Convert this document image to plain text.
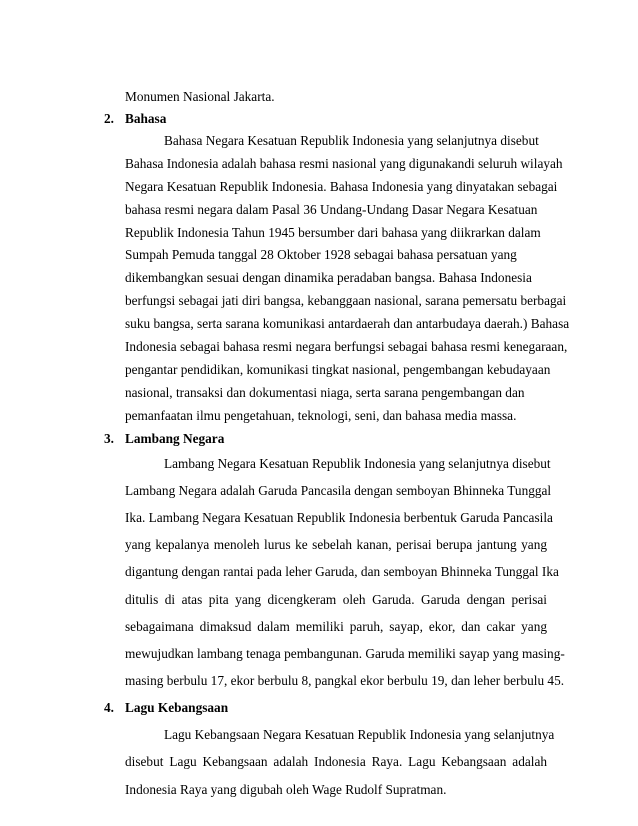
Monumen Nasional Jakarta.
2. Bahasa
Bahasa Negara Kesatuan Republik Indonesia yang selanjutnya disebut
Bahasa Indonesia adalah bahasa resmi nasional yang digunakandi seluruh wilayah
Negara Kesatuan Republik Indonesia. Bahasa Indonesia yang dinyatakan sebagai
bahasa resmi negara dalam Pasal 36 Undang-Undang Dasar Negara Kesatuan
Republik Indonesia Tahun 1945 bersumber dari bahasa yang diikrarkan dalam
Sumpah Pemuda tanggal 28 Oktober 1928 sebagai bahasa persatuan yang
dikembangkan sesuai dengan dinamika peradaban bangsa. Bahasa Indonesia
berfungsi sebagai jati diri bangsa, kebanggaan nasional, sarana pemersatu berbagai
suku bangsa, serta sarana komunikasi antardaerah dan antarbudaya daerah.) Bahasa
Indonesia sebagai bahasa resmi negara berfungsi sebagai bahasa resmi kenegaraan,
pengantar pendidikan, komunikasi tingkat nasional, pengembangan kebudayaan
nasional, transaksi dan dokumentasi niaga, serta sarana pengembangan dan
pemanfaatan ilmu pengetahuan, teknologi, seni, dan bahasa media massa.
3. Lambang Negara
Lambang Negara Kesatuan Republik Indonesia yang selanjutnya disebut
Lambang Negara adalah Garuda Pancasila dengan semboyan Bhinneka Tunggal
Ika. Lambang Negara Kesatuan Republik Indonesia berbentuk Garuda Pancasila
yang kepalanya menoleh lurus ke sebelah kanan, perisai berupa jantung yang
digantung dengan rantai pada leher Garuda, dan semboyan Bhinneka Tunggal Ika
ditulis di atas pita yang dicengkeram oleh Garuda. Garuda dengan perisai
sebagaimana dimaksud dalam memiliki paruh, sayap, ekor, dan cakar yang
mewujudkan lambang tenaga pembangunan. Garuda memiliki sayap yang masing-
masing berbulu 17, ekor berbulu 8, pangkal ekor berbulu 19, dan leher berbulu 45.
4. Lagu Kebangsaan
Lagu Kebangsaan Negara Kesatuan Republik Indonesia yang selanjutnya
disebut Lagu Kebangsaan adalah Indonesia Raya. Lagu Kebangsaan adalah
Indonesia Raya yang digubah oleh Wage Rudolf Supratman.
